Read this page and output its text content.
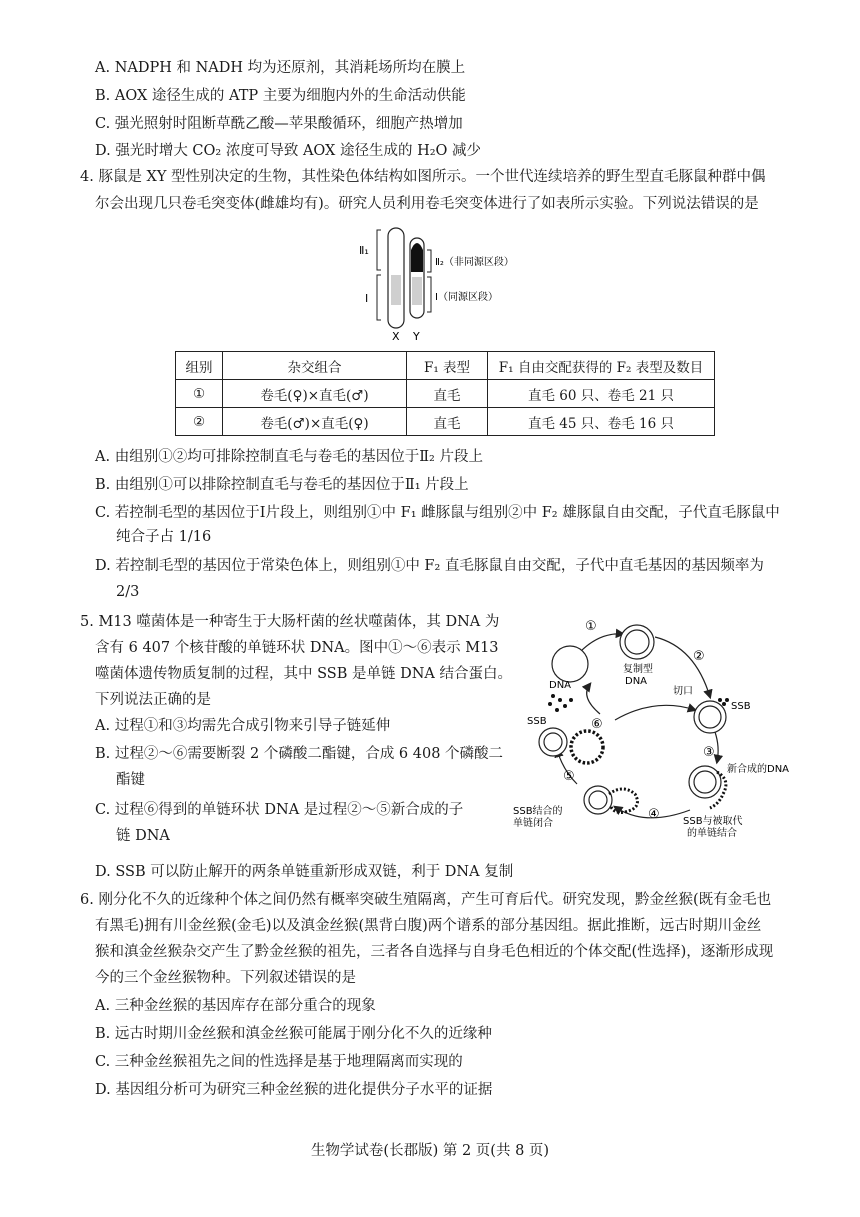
A. NADPH 和 NADH 均为还原剂，其消耗场所均在膜上
B. AOX 途径生成的 ATP 主要为细胞内外的生命活动供能
C. 强光照射时阻断草酰乙酸—苹果酸循环，细胞产热增加
D. 强光时增大 CO₂ 浓度可导致 AOX 途径生成的 H₂O 减少
4. 豚鼠是 XY 型性别决定的生物，其性染色体结构如图所示。一个世代连续培养的野生型直毛豚鼠种群中偶
尔会出现几只卷毛突变体(雌雄均有)。研究人员利用卷毛突变体进行了如表所示实验。下列说法错误的是
Ⅱ₁
Ⅰ
Ⅱ₂（非同源区段）
Ⅰ（同源区段）
X Y
组别	杂交组合	F₁ 表型	F₁ 自由交配获得的 F₂ 表型及数目
①	卷毛(♀)×直毛(♂)	直毛	直毛 60 只、卷毛 21 只
②	卷毛(♂)×直毛(♀)	直毛	直毛 45 只、卷毛 16 只
A. 由组别①②均可排除控制直毛与卷毛的基因位于Ⅱ₂ 片段上
B. 由组别①可以排除控制直毛与卷毛的基因位于Ⅱ₁ 片段上
C. 若控制毛型的基因位于Ⅰ片段上，则组别①中 F₁ 雌豚鼠与组别②中 F₂ 雄豚鼠自由交配，子代直毛豚鼠中
纯合子占 1/16
D. 若控制毛型的基因位于常染色体上，则组别①中 F₂ 直毛豚鼠自由交配，子代中直毛基因的基因频率为
2/3
5. M13 噬菌体是一种寄生于大肠杆菌的丝状噬菌体，其 DNA 为
含有 6 407 个核苷酸的单链环状 DNA。图中①～⑥表示 M13
噬菌体遗传物质复制的过程，其中 SSB 是单链 DNA 结合蛋白。
下列说法正确的是
A. 过程①和③均需先合成引物来引导子链延伸
B. 过程②～⑥需要断裂 2 个磷酸二酯键，合成 6 408 个磷酸二
酯键
C. 过程⑥得到的单链环状 DNA 是过程②～⑤新合成的子
链 DNA
D. SSB 可以防止解开的两条单链重新形成双链，利于 DNA 复制
①
②
③
④
⑤
⑥
复制型
DNA
切口
SSB
DNA
SSB
新合成的DNA
SSB与被取代
的单链结合
SSB结合的
单链闭合
6. 刚分化不久的近缘种个体之间仍然有概率突破生殖隔离，产生可育后代。研究发现，黔金丝猴(既有金毛也
有黑毛)拥有川金丝猴(金毛)以及滇金丝猴(黑背白腹)两个谱系的部分基因组。据此推断，远古时期川金丝
猴和滇金丝猴杂交产生了黔金丝猴的祖先，三者各自选择与自身毛色相近的个体交配(性选择)，逐渐形成现
今的三个金丝猴物种。下列叙述错误的是
A. 三种金丝猴的基因库存在部分重合的现象
B. 远古时期川金丝猴和滇金丝猴可能属于刚分化不久的近缘种
C. 三种金丝猴祖先之间的性选择是基于地理隔离而实现的
D. 基因组分析可为研究三种金丝猴的进化提供分子水平的证据
生物学试卷(长郡版) 第 2 页(共 8 页)
